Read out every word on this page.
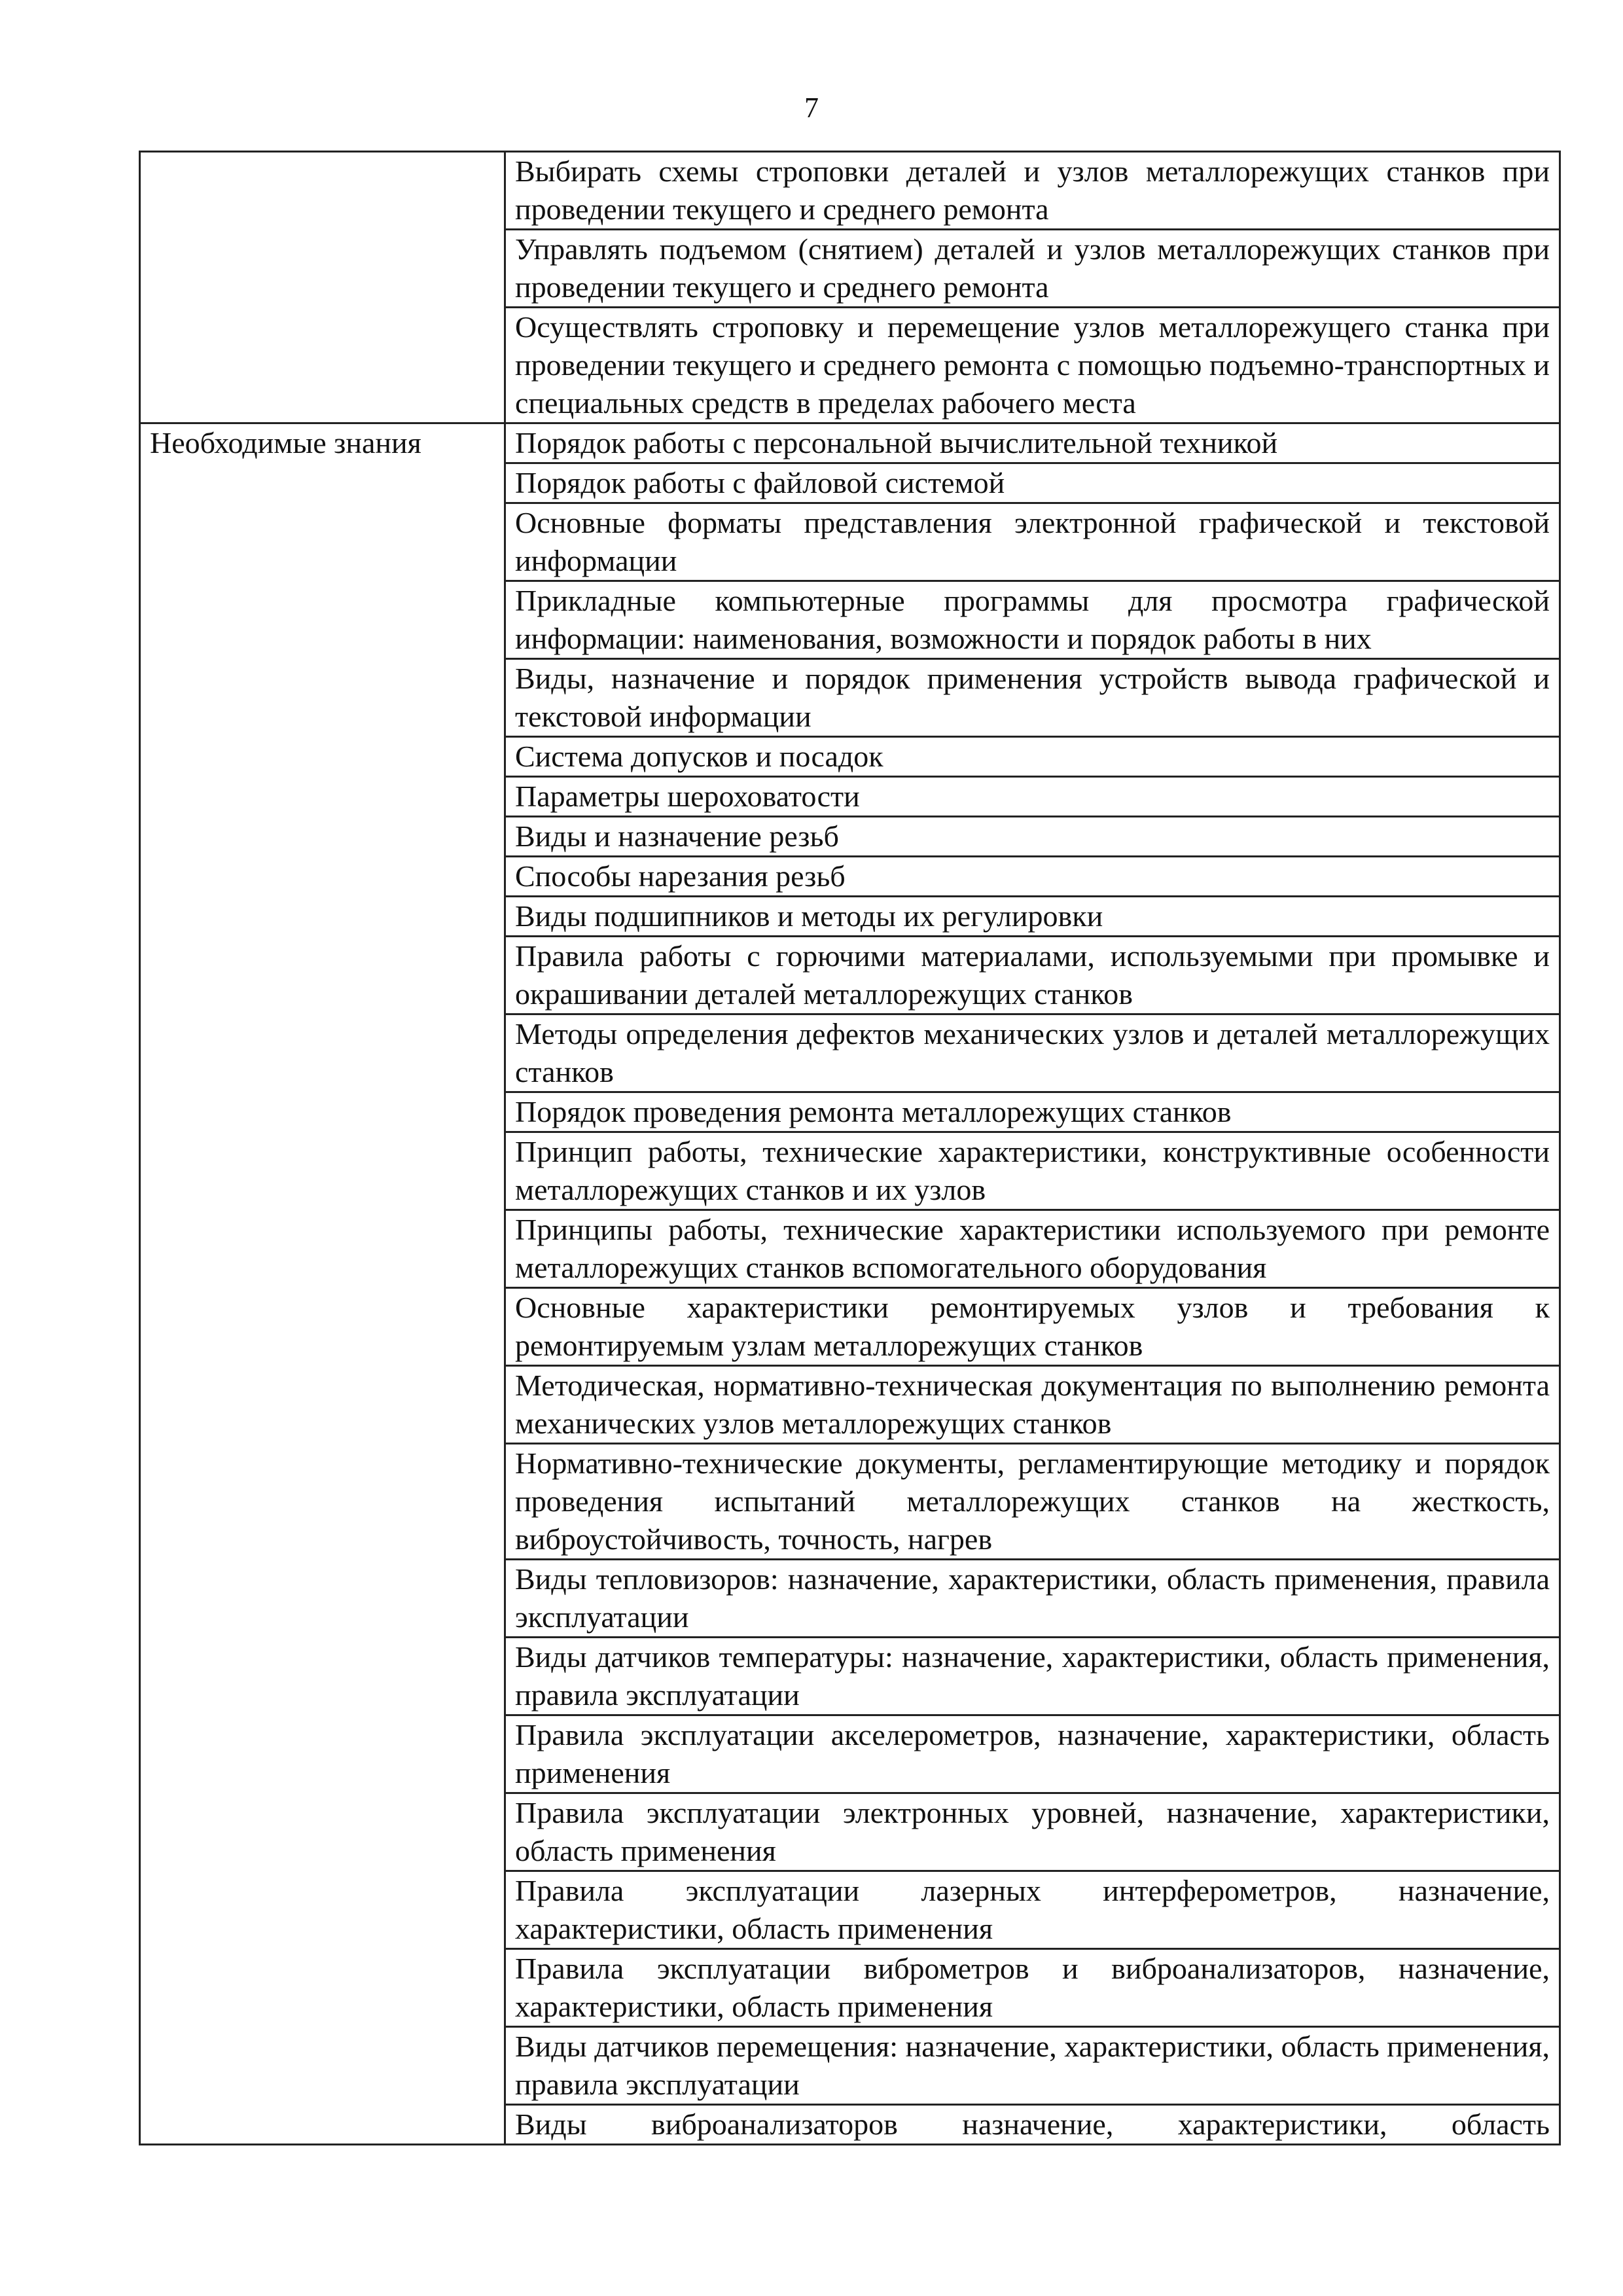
7
	Выбирать схемы строповки деталей и узлов металлорежущих станков при проведении текущего и среднего ремонта
	Управлять подъемом (снятием) деталей и узлов металлорежущих станков при проведении текущего и среднего ремонта
	Осуществлять строповку и перемещение узлов металлорежущего станка при проведении текущего и среднего ремонта с помощью подъемно-транспортных и специальных средств в пределах рабочего места
Необходимые знания	Порядок работы с персональной вычислительной техникой
	Порядок работы с файловой системой
	Основные форматы представления электронной графической и текстовой информации
	Прикладные компьютерные программы для просмотра графической информации: наименования, возможности и порядок работы в них
	Виды, назначение и порядок применения устройств вывода графической и текстовой информации
	Система допусков и посадок
	Параметры шероховатости
	Виды и назначение резьб
	Способы нарезания резьб
	Виды подшипников и методы их регулировки
	Правила работы с горючими материалами, используемыми при промывке и окрашивании деталей металлорежущих станков
	Методы определения дефектов механических узлов и деталей металлорежущих станков
	Порядок проведения ремонта металлорежущих станков
	Принцип работы, технические характеристики, конструктивные особенности металлорежущих станков и их узлов
	Принципы работы, технические характеристики используемого при ремонте металлорежущих станков вспомогательного оборудования
	Основные характеристики ремонтируемых узлов и требования к ремонтируемым узлам металлорежущих станков
	Методическая, нормативно-техническая документация по выполнению ремонта механических узлов металлорежущих станков
	Нормативно-технические документы, регламентирующие методику и порядок проведения испытаний металлорежущих станков на жесткость, виброустойчивость, точность, нагрев
	Виды тепловизоров: назначение, характеристики, область применения, правила эксплуатации
	Виды датчиков температуры: назначение, характеристики, область применения, правила эксплуатации
	Правила эксплуатации акселерометров, назначение, характеристики, область применения
	Правила эксплуатации электронных уровней, назначение, характеристики, область применения
	Правила эксплуатации лазерных интерферометров, назначение, характеристики, область применения
	Правила эксплуатации виброметров и виброанализаторов, назначение, характеристики, область применения
	Виды датчиков перемещения: назначение, характеристики, область применения, правила эксплуатации
	Виды виброанализаторов назначение, характеристики, область
